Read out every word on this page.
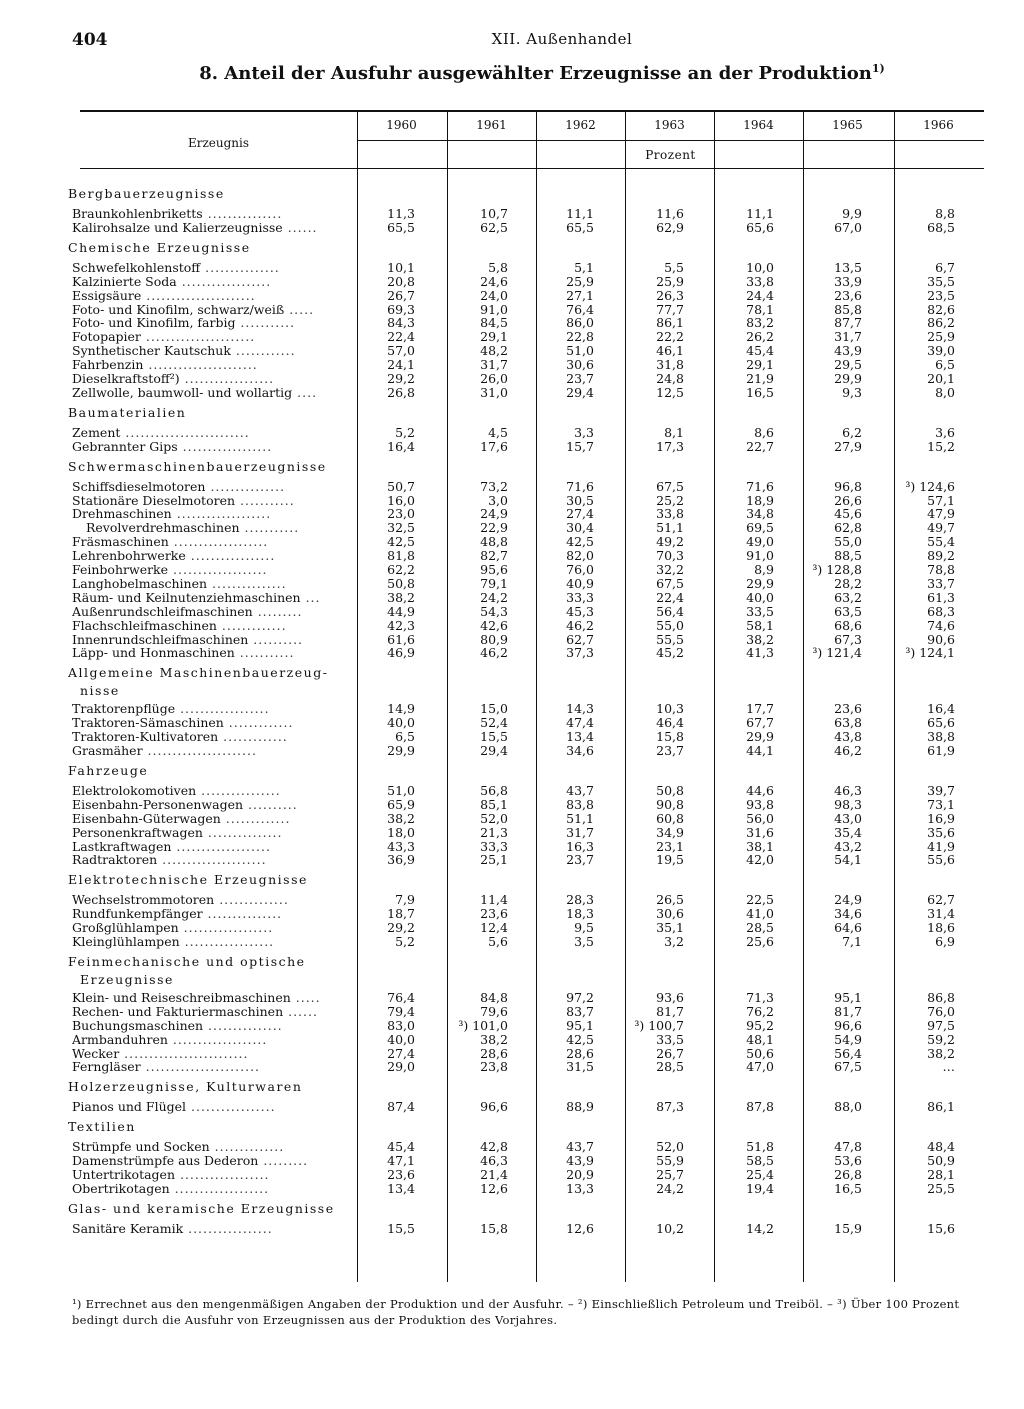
404	XII. Außenhandel
8. Anteil der Ausfuhr ausgewählter Erzeugnisse an der Produktion$^{1)}$
Erzeugnis
Prozent
Bergbauerzeugnisse
Braunkohlenbriketts ...............	11,3	10,7	11,1	11,6	11,1	9,9	8,8
Kalirohsalze und Kalierzeugnisse ......	65,5	62,5	65,5	62,9	65,6	67,0	68,5
Chemische Erzeugnisse
Schwefelkohlenstoff ...............	10,1	5,8	5,1	5,5	10,0	13,5	6,7
Kalzinierte Soda ..................	20,8	24,6	25,9	25,9	33,8	33,9	35,5
Essigsäure ......................	26,7	24,0	27,1	26,3	24,4	23,6	23,5
Foto- und Kinofilm, schwarz/weiß .....	69,3	91,0	76,4	77,7	78,1	85,8	82,6
Foto- und Kinofilm, farbig ...........	84,3	84,5	86,0	86,1	83,2	87,7	86,2
Fotopapier ......................	22,4	29,1	22,8	22,2	26,2	31,7	25,9
Synthetischer Kautschuk ............	57,0	48,2	51,0	46,1	45,4	43,9	39,0
Fahrbenzin ......................	24,1	31,7	30,6	31,8	29,1	29,5	6,5
Dieselkraftstoff²) ..................	29,2	26,0	23,7	24,8	21,9	29,9	20,1
Zellwolle, baumwoll- und wollartig ....	26,8	31,0	29,4	12,5	16,5	9,3	8,0
Baumaterialien
Zement .........................	5,2	4,5	3,3	8,1	8,6	6,2	3,6
Gebrannter Gips ..................	16,4	17,6	15,7	17,3	22,7	27,9	15,2
Schwermaschinenbauerzeugnisse
Schiffsdieselmotoren ...............	50,7	73,2	71,6	67,5	71,6	96,8	³) 124,6
Stationäre Dieselmotoren ...........	16,0	3,0	30,5	25,2	18,9	26,6	57,1
Drehmaschinen ...................	23,0	24,9	27,4	33,8	34,8	45,6	47,9
Revolverdrehmaschinen ...........	32,5	22,9	30,4	51,1	69,5	62,8	49,7
Fräsmaschinen ...................	42,5	48,8	42,5	49,2	49,0	55,0	55,4
Lehrenbohrwerke .................	81,8	82,7	82,0	70,3	91,0	88,5	89,2
Feinbohrwerke ...................	62,2	95,6	76,0	32,2	8,9	³) 128,8	78,8
Langhobelmaschinen ...............	50,8	79,1	40,9	67,5	29,9	28,2	33,7
Räum- und Keilnutenziehmaschinen ...	38,2	24,2	33,3	22,4	40,0	63,2	61,3
Außenrundschleifmaschinen .........	44,9	54,3	45,3	56,4	33,5	63,5	68,3
Flachschleifmaschinen .............	42,3	42,6	46,2	55,0	58,1	68,6	74,6
Innenrundschleifmaschinen ..........	61,6	80,9	62,7	55,5	38,2	67,3	90,6
Läpp- und Honmaschinen ...........	46,9	46,2	37,3	45,2	41,3	³) 121,4	³) 124,1
Allgemeine Maschinenbauerzeug-
nisse
Traktorenpflüge ..................	14,9	15,0	14,3	10,3	17,7	23,6	16,4
Traktoren-Sämaschinen .............	40,0	52,4	47,4	46,4	67,7	63,8	65,6
Traktoren-Kultivatoren .............	6,5	15,5	13,4	15,8	29,9	43,8	38,8
Grasmäher ......................	29,9	29,4	34,6	23,7	44,1	46,2	61,9
Fahrzeuge
Elektrolokomotiven ................	51,0	56,8	43,7	50,8	44,6	46,3	39,7
Eisenbahn-Personenwagen ..........	65,9	85,1	83,8	90,8	93,8	98,3	73,1
Eisenbahn-Güterwagen .............	38,2	52,0	51,1	60,8	56,0	43,0	16,9
Personenkraftwagen ...............	18,0	21,3	31,7	34,9	31,6	35,4	35,6
Lastkraftwagen ...................	43,3	33,3	16,3	23,1	38,1	43,2	41,9
Radtraktoren .....................	36,9	25,1	23,7	19,5	42,0	54,1	55,6
Elektrotechnische Erzeugnisse
Wechselstrommotoren ..............	7,9	11,4	28,3	26,5	22,5	24,9	62,7
Rundfunkempfänger ...............	18,7	23,6	18,3	30,6	41,0	34,6	31,4
Großglühlampen ..................	29,2	12,4	9,5	35,1	28,5	64,6	18,6
Kleinglühlampen ..................	5,2	5,6	3,5	3,2	25,6	7,1	6,9
Feinmechanische und optische
Erzeugnisse
Klein- und Reiseschreibmaschinen .....	76,4	84,8	97,2	93,6	71,3	95,1	86,8
Rechen- und Fakturiermaschinen ......	79,4	79,6	83,7	81,7	76,2	81,7	76,0
Buchungsmaschinen ...............	83,0	³) 101,0	95,1	³) 100,7	95,2	96,6	97,5
Armbanduhren ...................	40,0	38,2	42,5	33,5	48,1	54,9	59,2
Wecker .........................	27,4	28,6	28,6	26,7	50,6	56,4	38,2
Ferngläser .......................	29,0	23,8	31,5	28,5	47,0	67,5	…
Holzerzeugnisse, Kulturwaren
Pianos und Flügel .................	87,4	96,6	88,9	87,3	87,8	88,0	86,1
Textilien
Strümpfe und Socken ..............	45,4	42,8	43,7	52,0	51,8	47,8	48,4
Damenstrümpfe aus Dederon .........	47,1	46,3	43,9	55,9	58,5	53,6	50,9
Untertrikotagen ..................	23,6	21,4	20,9	25,7	25,4	26,8	28,1
Obertrikotagen ...................	13,4	12,6	13,3	24,2	19,4	16,5	25,5
Glas- und keramische Erzeugnisse
Sanitäre Keramik .................	15,5	15,8	12,6	10,2	14,2	15,9	15,6
¹) Errechnet aus den mengenmäßigen Angaben der Produktion und der Ausfuhr. – ²) Einschließlich Petroleum und Treiböl. – ³) Über 100 Prozent bedingt durch die Ausfuhr von Erzeugnissen aus der Produktion des Vorjahres.
1960	1961	1962	1963	1964	1965	1966
